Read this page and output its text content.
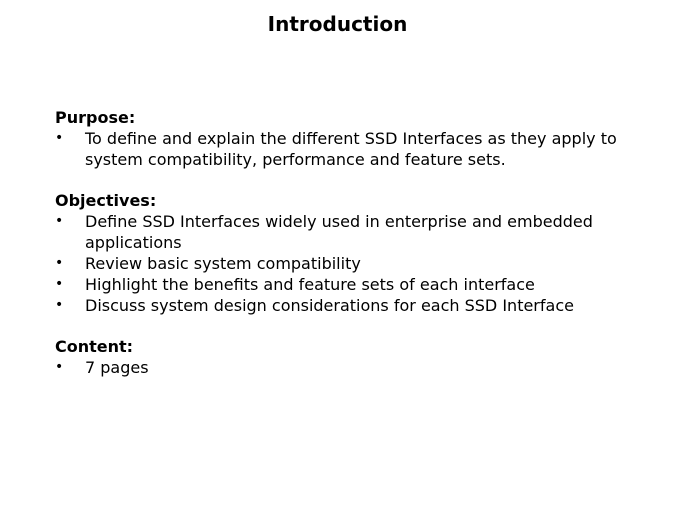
Introduction
Purpose:
• To define and explain the different SSD Interfaces as they apply to system compatibility, performance and feature sets.
Objectives:
• Define SSD Interfaces widely used in enterprise and embedded applications
• Review basic system compatibility
• Highlight the benefits and feature sets of each interface
• Discuss system design considerations for each SSD Interface
Content:
• 7 pages
